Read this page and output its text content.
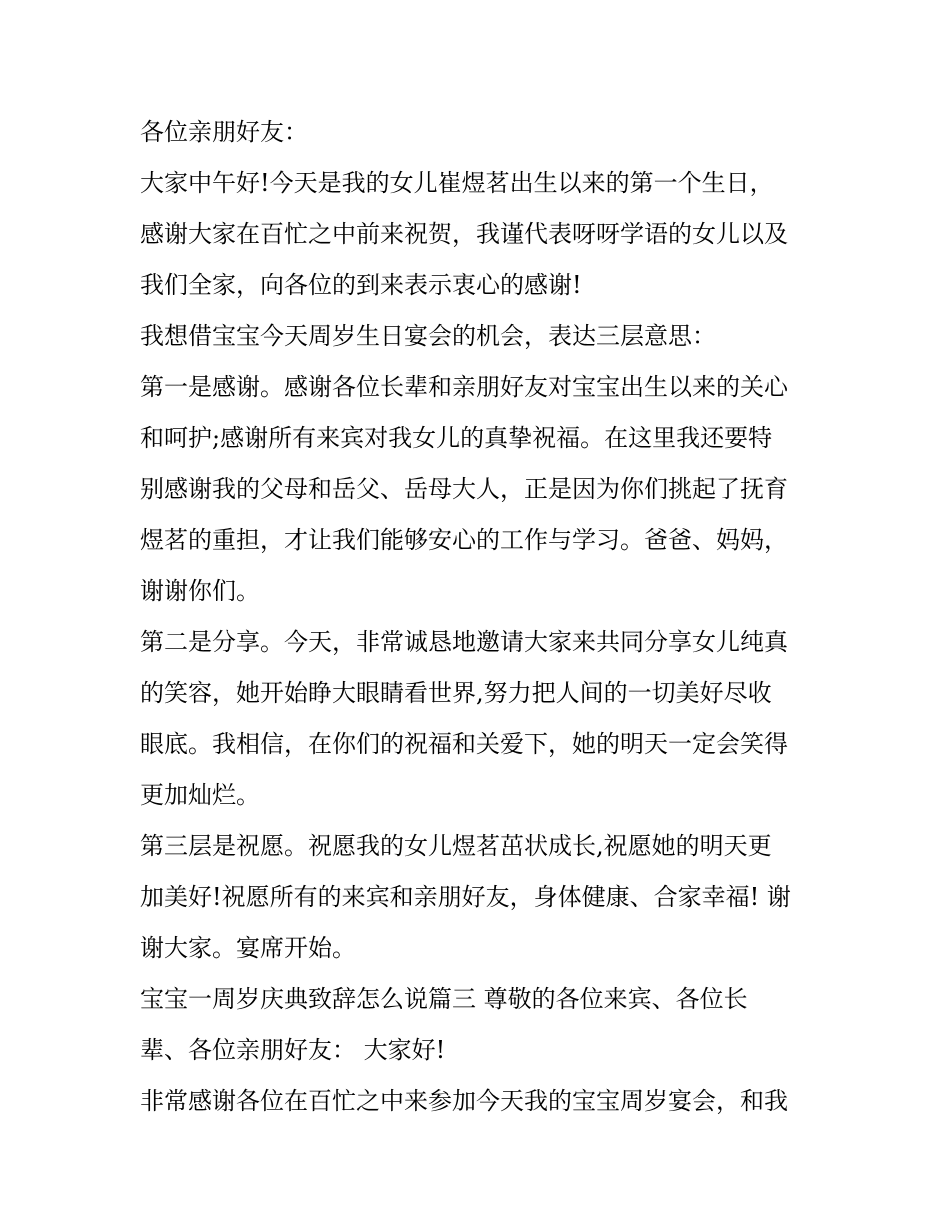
各位亲朋好友：

大家中午好!今天是我的女儿崔煜茗出生以来的第一个生日，

感谢大家在百忙之中前来祝贺，我谨代表呀呀学语的女儿以及

我们全家，向各位的到来表示衷心的感谢!

我想借宝宝今天周岁生日宴会的机会，表达三层意思：

第一是感谢。感谢各位长辈和亲朋好友对宝宝出生以来的关心

和呵护;感谢所有来宾对我女儿的真挚祝福。在这里我还要特

别感谢我的父母和岳父、岳母大人，正是因为你们挑起了抚育

煜茗的重担，才让我们能够安心的工作与学习。爸爸、妈妈，

谢谢你们。

第二是分享。今天，非常诚恳地邀请大家来共同分享女儿纯真

的笑容，她开始睁大眼睛看世界,努力把人间的一切美好尽收

眼底。我相信，在你们的祝福和关爱下，她的明天一定会笑得

更加灿烂。

第三层是祝愿。祝愿我的女儿煜茗茁状成长,祝愿她的明天更

加美好!祝愿所有的来宾和亲朋好友，身体健康、合家幸福! 谢

谢大家。宴席开始。

宝宝一周岁庆典致辞怎么说篇三 尊敬的各位来宾、各位长

辈、各位亲朋好友： 大家好!

非常感谢各位在百忙之中来参加今天我的宝宝周岁宴会，和我
